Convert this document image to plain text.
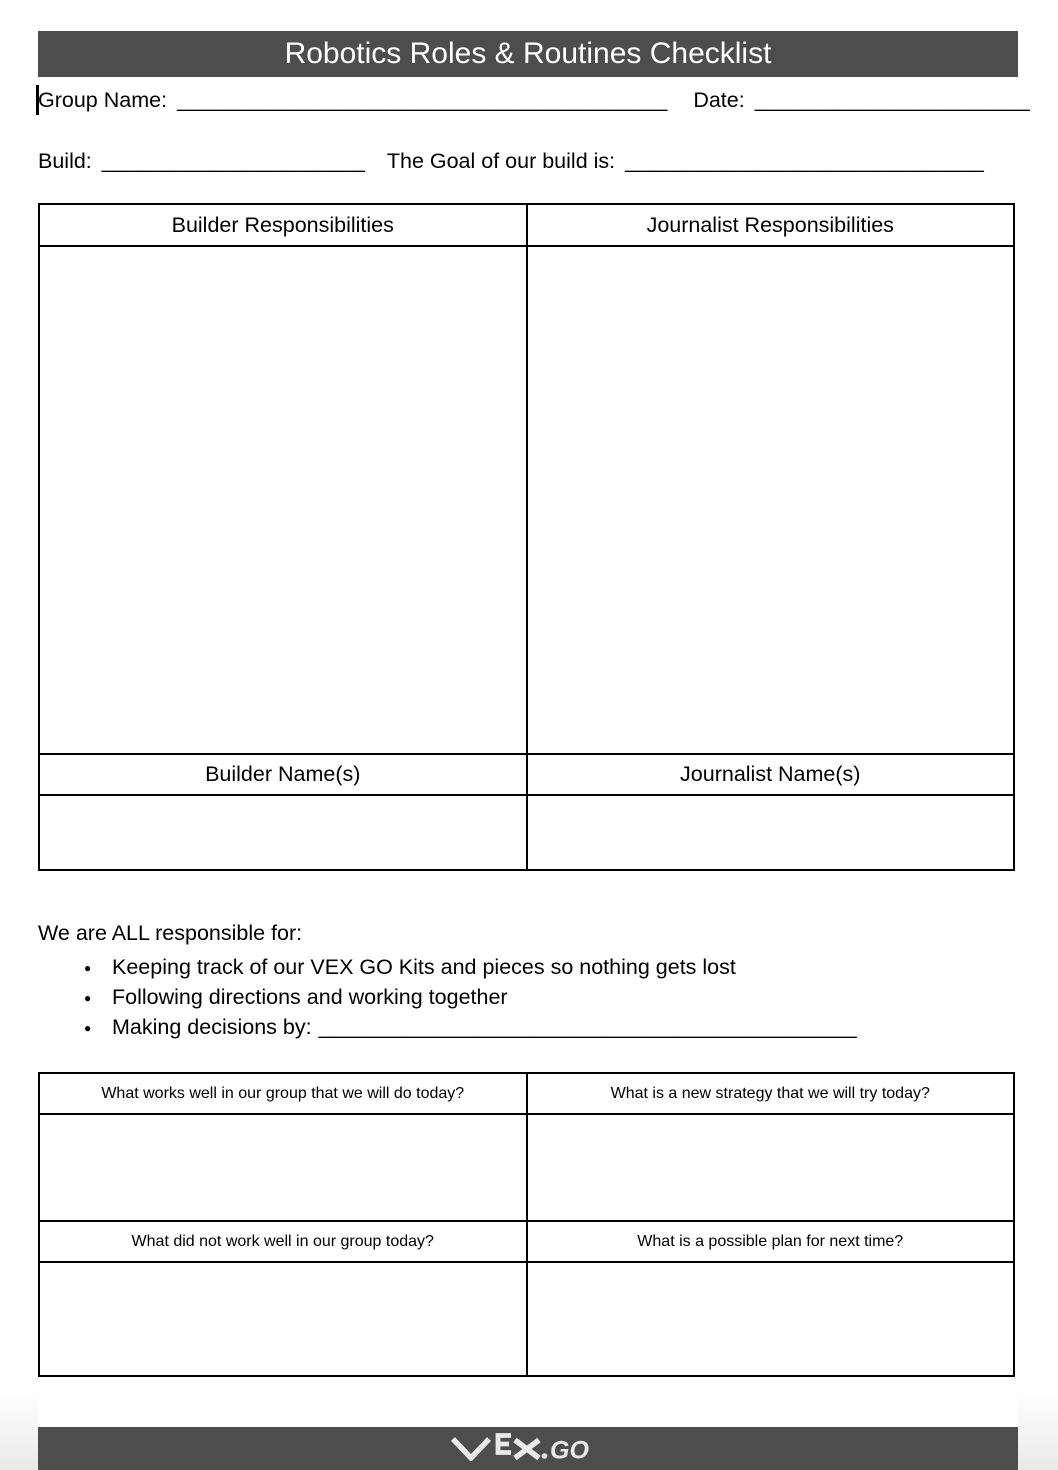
Robotics Roles & Routines Checklist
Group Name: _________________________________________ Date: _______________________
Build: ______________________ The Goal of our build is: ______________________________
Builder Responsibilities	Journalist Responsibilities

Builder Name(s)	Journalist Name(s)

We are ALL responsible for:
● Keeping track of our VEX GO Kits and pieces so nothing gets lost
● Following directions and working together
● Making decisions by: _____________________________________________
What works well in our group that we will do today?	What is a new strategy that we will try today?

What did not work well in our group today?	What is a possible plan for next time?

GO
